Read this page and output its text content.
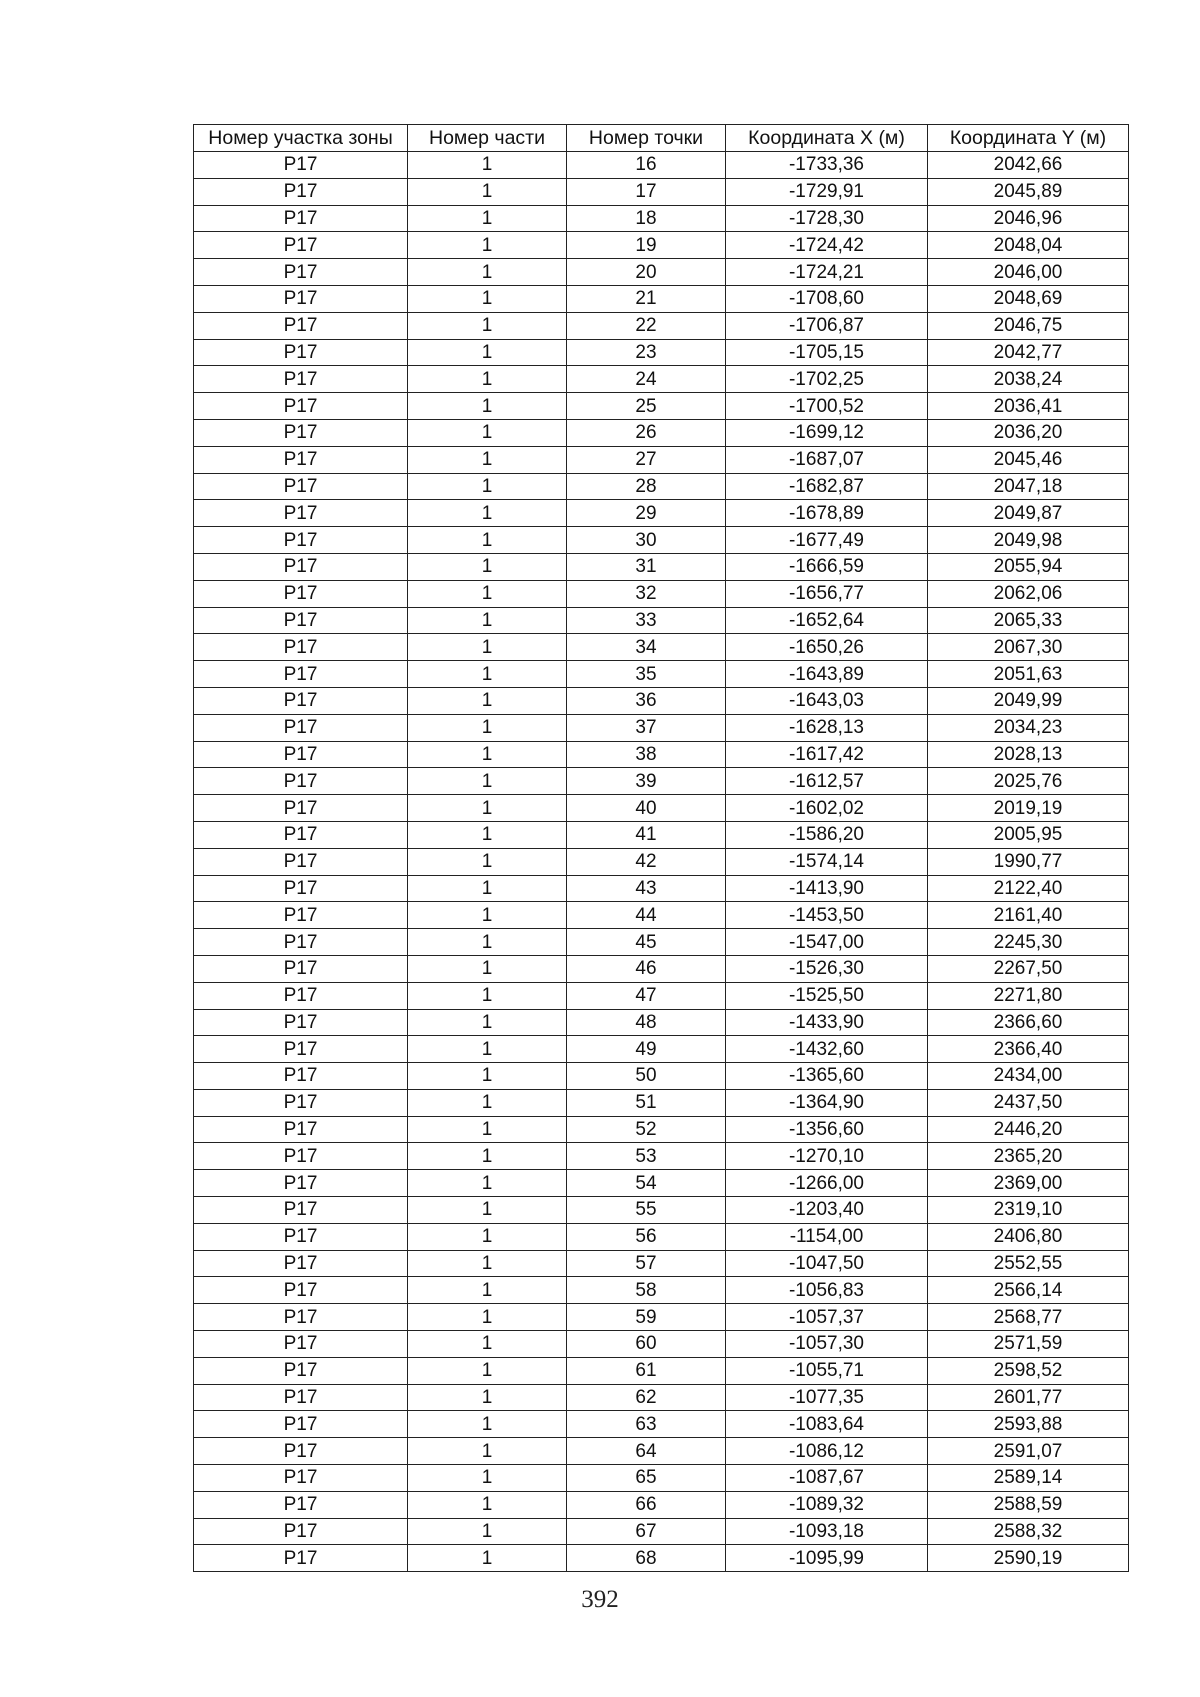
Номер участка зоны	Номер части	Номер точки	Координата X (м)	Координата Y (м)
Р17	1	16	-1733,36	2042,66
Р17	1	17	-1729,91	2045,89
Р17	1	18	-1728,30	2046,96
Р17	1	19	-1724,42	2048,04
Р17	1	20	-1724,21	2046,00
Р17	1	21	-1708,60	2048,69
Р17	1	22	-1706,87	2046,75
Р17	1	23	-1705,15	2042,77
Р17	1	24	-1702,25	2038,24
Р17	1	25	-1700,52	2036,41
Р17	1	26	-1699,12	2036,20
Р17	1	27	-1687,07	2045,46
Р17	1	28	-1682,87	2047,18
Р17	1	29	-1678,89	2049,87
Р17	1	30	-1677,49	2049,98
Р17	1	31	-1666,59	2055,94
Р17	1	32	-1656,77	2062,06
Р17	1	33	-1652,64	2065,33
Р17	1	34	-1650,26	2067,30
Р17	1	35	-1643,89	2051,63
Р17	1	36	-1643,03	2049,99
Р17	1	37	-1628,13	2034,23
Р17	1	38	-1617,42	2028,13
Р17	1	39	-1612,57	2025,76
Р17	1	40	-1602,02	2019,19
Р17	1	41	-1586,20	2005,95
Р17	1	42	-1574,14	1990,77
Р17	1	43	-1413,90	2122,40
Р17	1	44	-1453,50	2161,40
Р17	1	45	-1547,00	2245,30
Р17	1	46	-1526,30	2267,50
Р17	1	47	-1525,50	2271,80
Р17	1	48	-1433,90	2366,60
Р17	1	49	-1432,60	2366,40
Р17	1	50	-1365,60	2434,00
Р17	1	51	-1364,90	2437,50
Р17	1	52	-1356,60	2446,20
Р17	1	53	-1270,10	2365,20
Р17	1	54	-1266,00	2369,00
Р17	1	55	-1203,40	2319,10
Р17	1	56	-1154,00	2406,80
Р17	1	57	-1047,50	2552,55
Р17	1	58	-1056,83	2566,14
Р17	1	59	-1057,37	2568,77
Р17	1	60	-1057,30	2571,59
Р17	1	61	-1055,71	2598,52
Р17	1	62	-1077,35	2601,77
Р17	1	63	-1083,64	2593,88
Р17	1	64	-1086,12	2591,07
Р17	1	65	-1087,67	2589,14
Р17	1	66	-1089,32	2588,59
Р17	1	67	-1093,18	2588,32
Р17	1	68	-1095,99	2590,19
392
